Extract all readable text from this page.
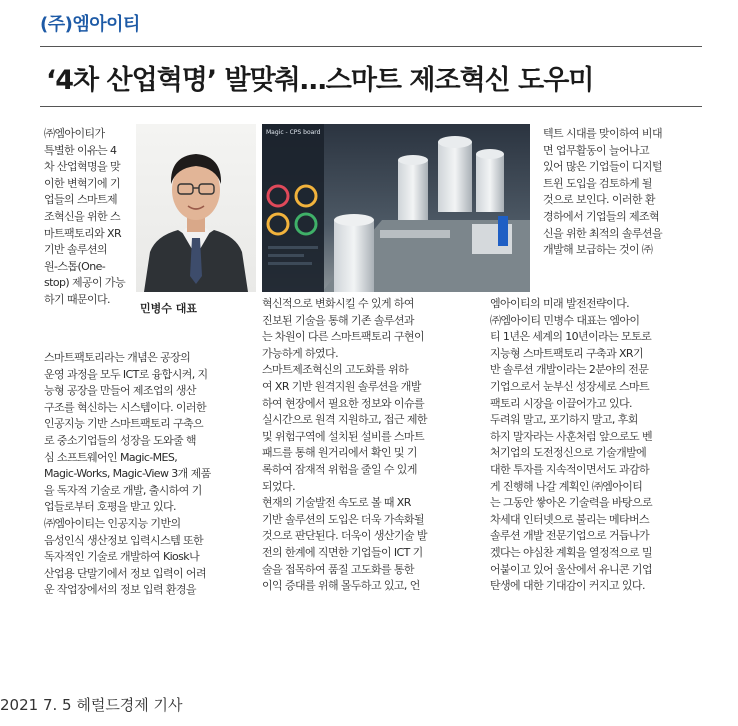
(주)엠아이티
‘4차 산업혁명’ 발맞춰…스마트 제조혁신 도우미
민병수 대표
Magic - CPS board
㈜엠아이티가
특별한 이유는 4
차 산업혁명을 맞
이한 변혁기에 기
업들의 스마트제
조혁신을 위한 스
마트팩토리와 XR
기반 솔루션의
원-스톱(One-
stop) 제공이 가능
하기 때문이다.
스마트팩토리라는 개념은 공장의
운영 과정을 모두 ICT로 융합시켜, 지
능형 공장을 만들어 제조업의 생산
구조를 혁신하는 시스템이다. 이러한
인공지능 기반 스마트팩토리 구축으
로 중소기업들의 성장을 도와줄 핵
심 소프트웨어인 Magic-MES,
Magic-Works, Magic-View 3개 제품
을 독자적 기술로 개발, 출시하여 기
업들로부터 호평을 받고 있다.
㈜엠아이티는 인공지능 기반의
음성인식 생산정보 입력시스템 또한
독자적인 기술로 개발하여 Kiosk나
산업용 단말기에서 정보 입력이 어려
운 작업장에서의 정보 입력 환경을
혁신적으로 변화시킬 수 있게 하여
진보된 기술을 통해 기존 솔루션과
는 차원이 다른 스마트팩토리 구현이
가능하게 하였다.
스마트제조혁신의 고도화를 위하
여 XR 기반 원격지원 솔루션을 개발
하여 현장에서 필요한 정보와 이슈를
실시간으로 원격 지원하고, 접근 제한
및 위험구역에 설치된 설비를 스마트
패드를 통해 원거리에서 확인 및 기
록하여 잠재적 위험을 줄일 수 있게
되었다.
현재의 기술발전 속도로 볼 때 XR
기반 솔루션의 도입은 더욱 가속화될
것으로 판단된다. 더욱이 생산기술 발
전의 한계에 직면한 기업들이 ICT 기
술을 접목하여 품질 고도화를 통한
이익 증대를 위해 몰두하고 있고, 언
텍트 시대를 맞이하여 비대
면 업무활동이 늘어나고
있어 많은 기업들이 디지털
트윈 도입을 검토하게 될
것으로 보인다. 이러한 환
경하에서 기업들의 제조혁
신을 위한 최적의 솔루션을
개발해 보급하는 것이 ㈜
엠아이티의 미래 발전전략이다.
㈜엠아이티 민병수 대표는 엠아이
티 1년은 세계의 10년이라는 모토로
지능형 스마트팩토리 구축과 XR기
반 솔루션 개발이라는 2분야의 전문
기업으로서 눈부신 성장세로 스마트
팩토리 시장을 이끌어가고 있다.
두려워 말고, 포기하지 말고, 후회
하지 말자라는 사훈처럼 앞으로도 벤
처기업의 도전정신으로 기술개발에
대한 투자를 지속적이면서도 과감하
게 진행해 나갈 계획인 ㈜엠아이티
는 그동안 쌓아온 기술력을 바탕으로
차세대 인터넷으로 불리는 메타버스
솔루션 개발 전문기업으로 거듭나가
겠다는 야심찬 계획을 열정적으로 밀
어붙이고 있어 울산에서 유니콘 기업
탄생에 대한 기대감이 커지고 있다.
2021 7. 5 헤럴드경제 기사
